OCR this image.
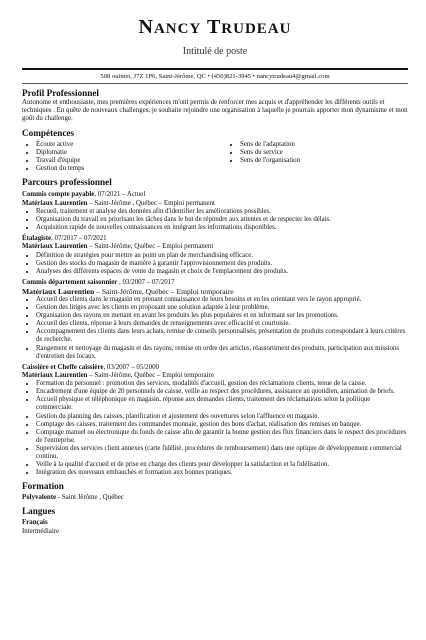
NANCY TRUDEAU
Intitulé de poste
508 ouimet, J7Z 1P6, Saint-Jérôme, QC • (450)821-3945 • nancytrudeau4@gmail.com
Profil Professionnel
Autonome et enthousiaste, mes premières expériences m'ont permis de renforcer mes acquis et d'appréhender les différents outils et techniques . En quête de nouveaux challenges, je souhaite rejoindre une organisation à laquelle je pourrais apporter mon dynamisme et mon goût du challenge.
Compétences
• Écoute active
• Diplomatie
• Travail d'équipe
• Gestion du temps
• Sens de l'adaptation
• Sens du service
• Sens de l'organisation
Parcours professionnel
Commis compte payable, 07/2021 – Actuel
Matériaux Laurentien – Saint-Jérôme , Québec – Emploi permanent
• Recueil, traitement et analyse des données afin d'identifier les améliorations possibles.
• Organisation du travail en priorisant les tâches dans le but de répondre aux attentes et de respecter les délais.
• Acquisition rapide de nouvelles connaissances en intégrant les informations disponibles.
Étalagiste, 07/2017 – 07/2021
Matériaux Laurentien – Saint-Jérôme, Québec – Emploi permanent
• Définition de stratégies pour mettre au point un plan de merchandising efficace.
• Gestion des stocks du magasin de manière à garantir l'approvisionnement des produits.
• Analyses des différents espaces de vente du magasin et choix de l'emplacement des produits.
Commis département saisonnier , 03/2007 – 07/2017
Matériaux Laurentien – Saint-Jérôme, Québec – Emploi temporaire
• Accueil des clients dans le magasin en prenant connaissance de leurs besoins et en les orientant vers le rayon approprié.
• Gestion des litiges avec les clients en proposant une solution adaptée à leur problème.
• Organisation des rayons en mettant en avant les produits les plus populaires et en informant sur les promotions.
• Accueil des clients, réponse à leurs demandes de renseignements avec efficacité et courtoisie.
• Accompagnement des clients dans leurs achats, remise de conseils personnalisés, présentation de produits correspondant à leurs critères de recherche.
• Rangement et nettoyage du magasin et des rayons, remise en ordre des articles, réassortiment des produits, participation aux missions d'entretien des locaux.
Caissière et Cheffe caissière, 03/2007 – 05/2000
Matériaux Laurentien – Saint-Jérôme, Québec – Emploi temporaire
• Formation du personnel : promotion des services, modalités d'accueil, gestion des réclamations clients, tenue de la caisse.
• Encadrement d'une équipe de 20 personnels de caisse, veille au respect des procédures, assistance au quotidien, animation de briefs.
• Accueil physique et téléphonique en magasin, réponse aux demandes clients, traitement des réclamations selon la politique commerciale.
• Gestion du planning des caisses, planification et ajustement des ouvertures selon l'affluence en magasin.
• Comptage des caisses, traitement des commandes monnaie, gestion des bons d'achat, réalisation des remises en banque.
• Comptage manuel ou électronique du fonds de caisse afin de garantir la bonne gestion des flux financiers dans le respect des procédures de l'entreprise.
• Supervision des services client annexes (carte fidélité, procédures de remboursement) dans une optique de développement commercial continu.
• Veille à la qualité d'accueil et de prise en charge des clients pour développer la satisfaction et la fidélisation.
• Intégration des nouveaux embauchés et formation aux bonnes pratiques.
Formation
Polyvalente - Saint Jérôme , Québec
Langues
Français
Intermédiaire
